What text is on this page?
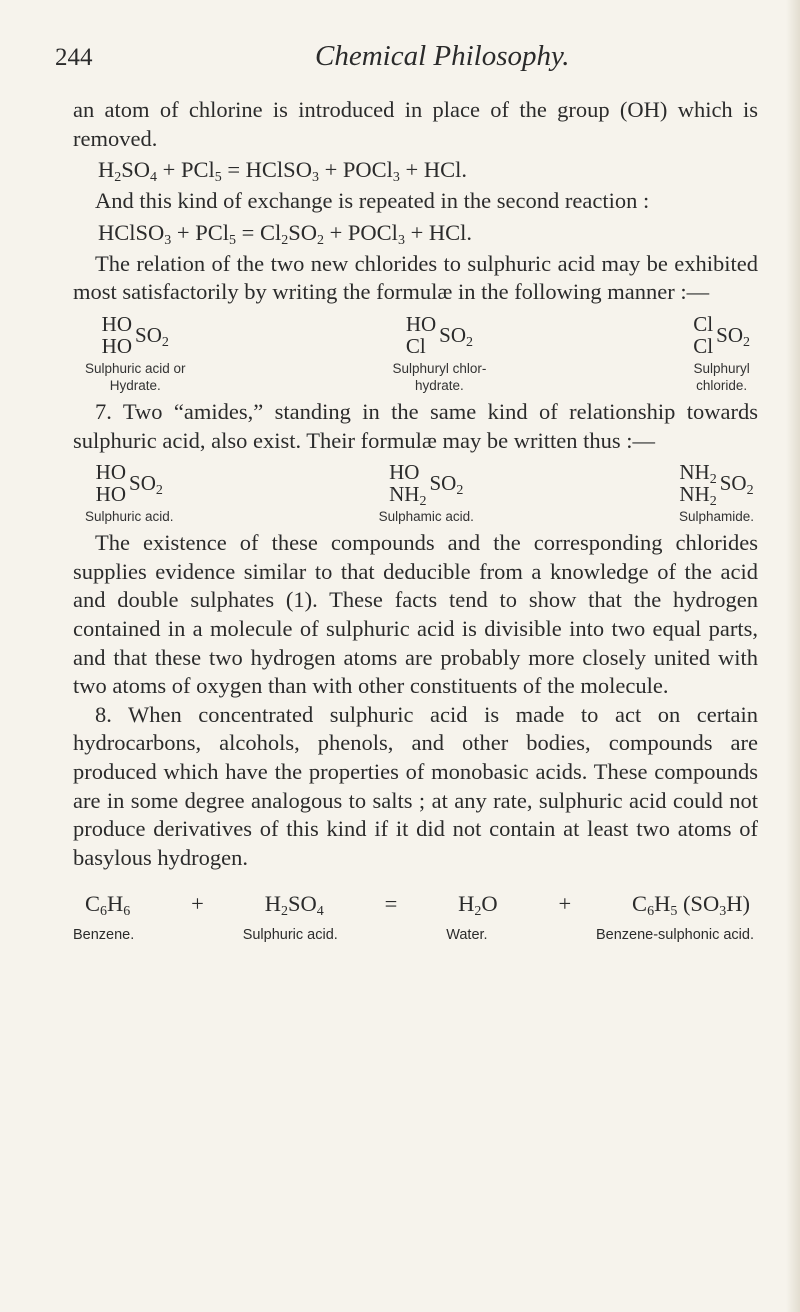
244	Chemical Philosophy.

an atom of chlorine is introduced in place of the group (OH) which is removed.

$H_2SO_4 + PCl_5$ = HClSO$_3$ + POCl$_3$ + HCl.

And this kind of exchange is repeated in the second reaction :

HClSO$_3$ + $PCl_5 = Cl_2SO_2$ + POCl$_3$ + HCl.

The relation of the two new chlorides to sulphuric acid may be exhibited most satisfactorily by writing the formulæ in the following manner :—

HO
HO $SO_2$
Sulphuric acid or
Hydrate.
HO
Cl $SO_2$
Sulphuryl chlor-
hydrate.
Cl
Cl $SO_2$
Sulphuryl
chloride.

7. Two “amides,” standing in the same kind of relationship towards sulphuric acid, also exist. Their formulæ may be written thus :—

HO
HO $SO_2$
Sulphuric acid.
HO
$NH_2$
$SO_2$
Sulphamic acid.
$NH_2$
$NH_2$
$SO_2$
Sulphamide.

The existence of these compounds and the corresponding chlorides supplies evidence similar to that deducible from a knowledge of the acid and double sulphates (1). These facts tend to show that the hydrogen contained in a molecule of sulphuric acid is divisible into two equal parts, and that these two hydrogen atoms are probably more closely united with two atoms of oxygen than with other constituents of the molecule.

8. When concentrated sulphuric acid is made to act on certain hydrocarbons, alcohols, phenols, and other bodies, compounds are produced which have the properties of monobasic acids. These compounds are in some degree analogous to salts ; at any rate, sulphuric acid could not produce derivatives of this kind if it did not contain at least two atoms of basylous hydrogen.

$C_6H_6$	+	$H_2SO_4$	=	$H_2O$	+	$C_6H_5$ $(SO_3H)$
Benzene.	Sulphuric acid.	Water.	Benzene-sulphonic acid.
